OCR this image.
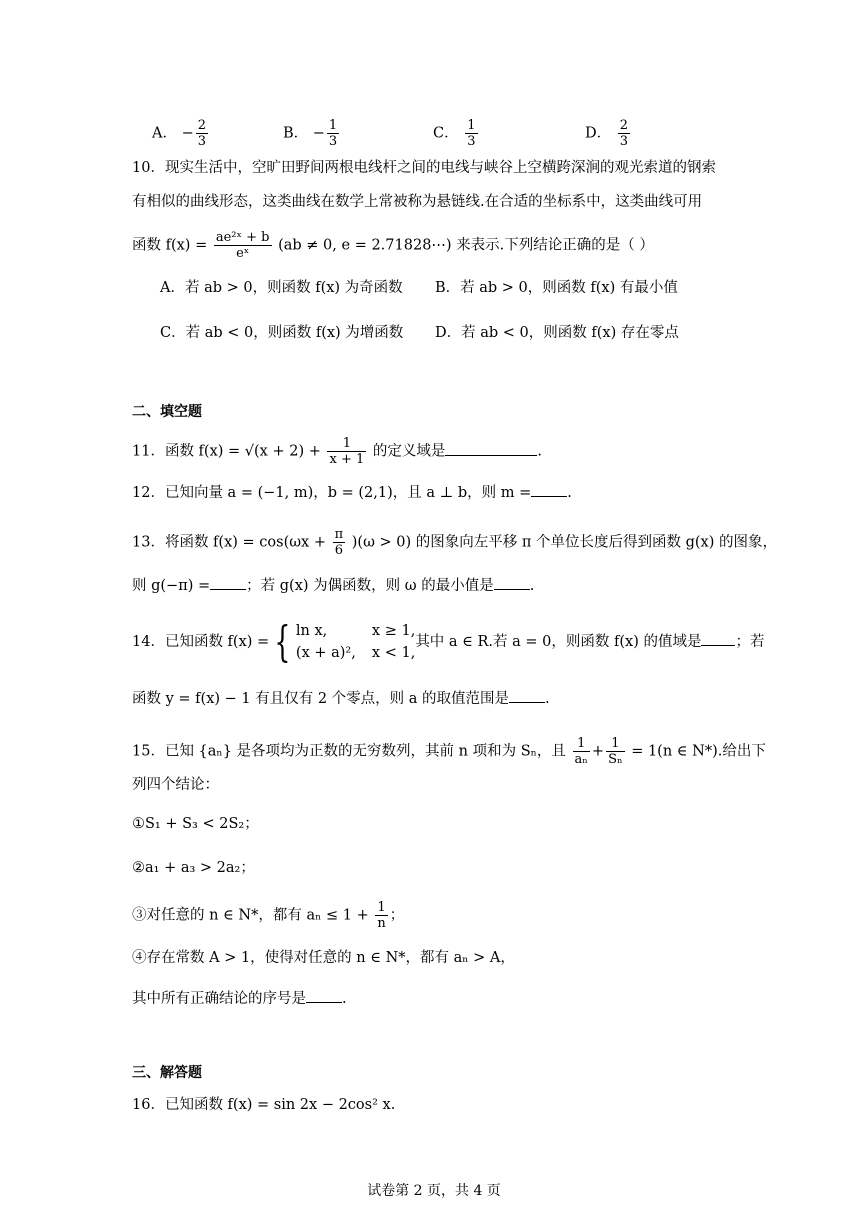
A． − $\frac{2}{3}$	B． − $\frac{1}{3}$	C． $\frac{1}{3}$	D． $\frac{2}{3}$
10．现实生活中，空旷田野间两根电线杆之间的电线与峡谷上空横跨深涧的观光索道的钢索
有相似的曲线形态，这类曲线在数学上常被称为悬链线.在合适的坐标系中，这类曲线可用
函数 $f(x) = \frac{\text{ae²ˣ + b}}{\text{eˣ}} (ab \ne 0$, e = 2.71828⋯) 来表示.下列结论正确的是（ ）
A．若 ab > 0，则函数 f(x) 为奇函数 B．若 ab > 0，则函数 f(x) 有最小值
C．若 ab < 0，则函数 f(x) 为增函数 D．若 ab < 0，则函数 f(x) 存在零点
二、填空题
11．函数 $f(x) = √(x + 2) + \frac{1}{x + 1}$ 的定义域是	.
12．已知向量 a = (−1, m)，b = (2,1)，且 a ⊥ b，则 m = .
13．将函数 $f(x) = \cos(\omega x + \frac{\pi}{6} )(\omega > 0)$ 的图象向左平移 π 个单位长度后得到函数 g(x) 的图象，
则 g(−π) = ；若 g(x) 为偶函数，则 ω 的最小值是 .
14．已知函数 f(x) = { ln x,	x ≥ 1,
(x + a)², x < 1,
其中 a ∈ R.若 a = 0，则函数 f(x) 的值域是 ；若
函数 y = f(x) − 1 有且仅有 2 个零点，则 a 的取值范围是 .
15．已知 {aₙ} 是各项均为正数的无穷数列，其前 n 项和为 Sₙ，且 $\frac{1}{\text{aₙ}} + \frac{1}{\text{Sₙ}} = 1(n$ ∈ N*).给出下
列四个结论：
①S₁ + S₃ < 2S₂；
②a₁ + a₃ > 2a₂；
③对任意的 n ∈ N*，都有 $a_n \le 1 + \frac{1}{n}$ ；
④存在常数 A > 1，使得对任意的 n ∈ N*，都有 aₙ > A，
其中所有正确结论的序号是 .
三、解答题
16．已知函数 f(x) = sin 2x − 2cos² x.
试卷第 2 页，共 4 页
